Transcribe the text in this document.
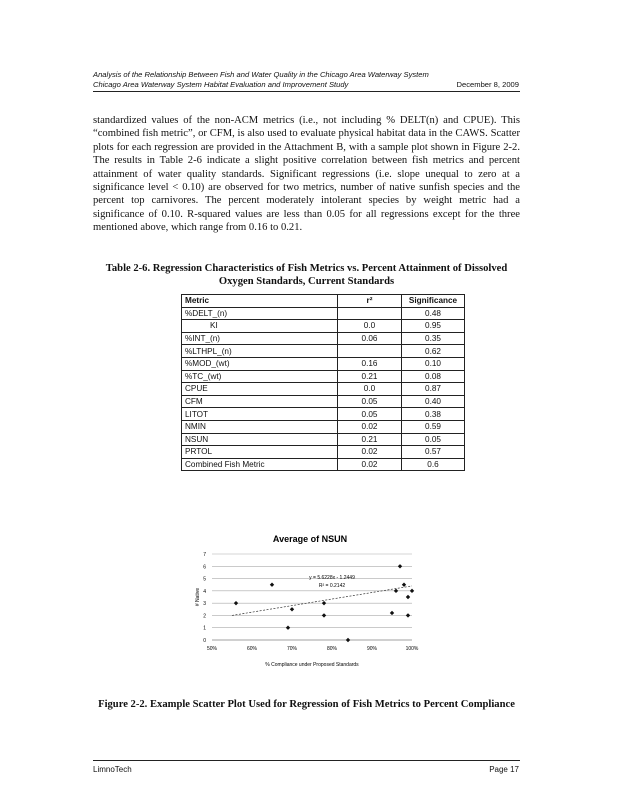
Analysis of the Relationship Between Fish and Water Quality in the Chicago Area Waterway System
Chicago Area Waterway System Habitat Evaluation and Improvement Study	December 8, 2009
standardized values of the non-ACM metrics (i.e., not including % DELT(n) and CPUE). This “combined fish metric”, or CFM, is also used to evaluate physical habitat data in the CAWS. Scatter plots for each regression are provided in the Attachment B, with a sample plot shown in Figure 2-2. The results in Table 2-6 indicate a slight positive correlation between fish metrics and percent attainment of water quality standards. Significant regressions (i.e. slope unequal to zero at a significance level < 0.10) are observed for two metrics, number of native sunfish species and the percent top carnivores. The percent moderately intolerant species by weight metric had a significance of 0.10. R-squared values are less than 0.05 for all regressions except for the three mentioned above, which range from 0.16 to 0.21.
Table 2-6. Regression Characteristics of Fish Metrics vs. Percent Attainment of Dissolved Oxygen Standards, Current Standards
Metric	r²	Significance
%DELT_(n)		0.48
KI	0.0	0.95
%INT_(n)	0.06	0.35
%LTHPL_(n)		0.62
%MOD_(wt)	0.16	0.10
%TC_(wt)	0.21	0.08
CPUE	0.0	0.87
CFM	0.05	0.40
LITOT	0.05	0.38
NMIN	0.02	0.59
NSUN	0.21	0.05
PRTOL	0.02	0.57
Combined Fish Metric	0.02	0.6
Average of NSUN
0
1
2
3
4
5
6
7
50%	60%	70%	80%	90%	100%
# Native
% Compliance under Proposed Standards
y = 5.6228x - 1.2449
R² = 0.2142
Figure 2-2. Example Scatter Plot Used for Regression of Fish Metrics to Percent Compliance
LimnoTech	Page 17
